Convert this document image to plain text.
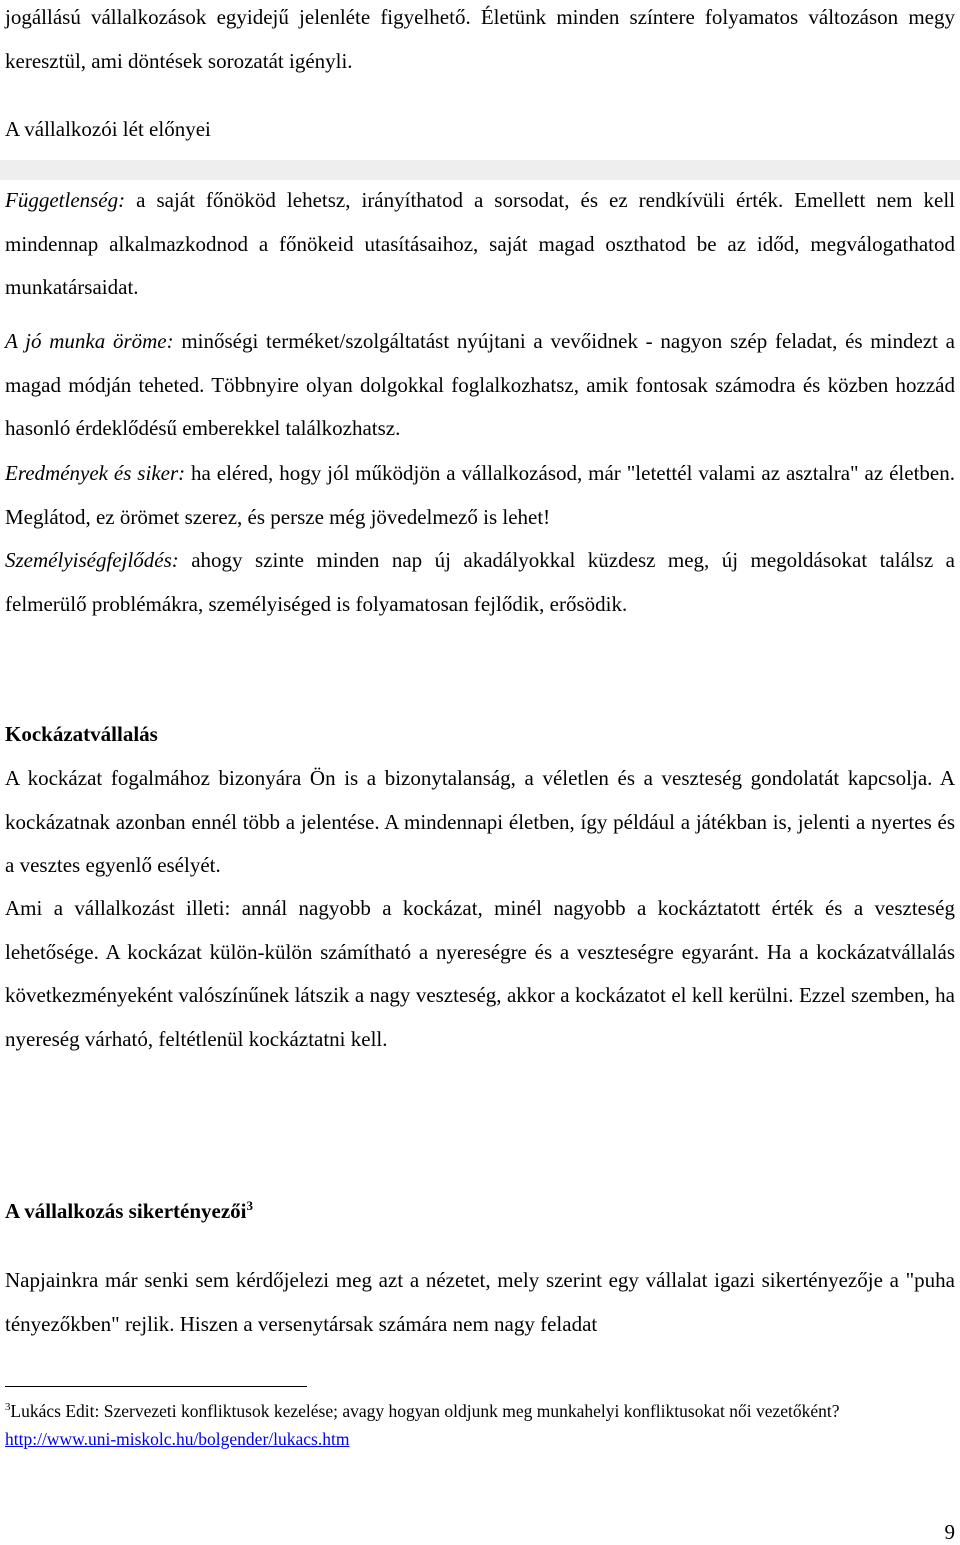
jogállású vállalkozások egyidejű jelenléte figyelhető. Életünk minden színtere folyamatos változáson megy keresztül, ami döntések sorozatát igényli.

A vállalkozói lét előnyei

Függetlenség: a saját főnököd lehetsz, irányíthatod a sorsodat, és ez rendkívüli érték. Emellett nem kell mindennap alkalmazkodnod a főnökeid utasításaihoz, saját magad oszthatod be az időd, megválogathatod munkatársaidat.

A jó munka öröme: minőségi terméket/szolgáltatást nyújtani a vevőidnek - nagyon szép feladat, és mindezt a magad módján teheted. Többnyire olyan dolgokkal foglalkozhatsz, amik fontosak számodra és közben hozzád hasonló érdeklődésű emberekkel találkozhatsz.

Eredmények és siker: ha eléred, hogy jól működjön a vállalkozásod, már "letettél valami az asztalra" az életben. Meglátod, ez örömet szerez, és persze még jövedelmező is lehet!

Személyiségfejlődés: ahogy szinte minden nap új akadályokkal küzdesz meg, új megoldásokat találsz a felmerülő problémákra, személyiséged is folyamatosan fejlődik, erősödik.

Kockázatvállalás

A kockázat fogalmához bizonyára Ön is a bizonytalanság, a véletlen és a veszteség gondolatát kapcsolja. A kockázatnak azonban ennél több a jelentése. A mindennapi életben, így például a játékban is, jelenti a nyertes és a vesztes egyenlő esélyét.

Ami a vállalkozást illeti: annál nagyobb a kockázat, minél nagyobb a kockáztatott érték és a veszteség lehetősége. A kockázat külön-külön számítható a nyereségre és a veszteségre egyaránt. Ha a kockázatvállalás következményeként valószínűnek látszik a nagy veszteség, akkor a kockázatot el kell kerülni. Ezzel szemben, ha nyereség várható, feltétlenül kockáztatni kell.

A vállalkozás sikertényezői$^3$

Napjainkra már senki sem kérdőjelezi meg azt a nézetet, mely szerint egy vállalat igazi sikertényezője a "puha tényezőkben" rejlik. Hiszen a versenytársak számára nem nagy feladat

$^3$Lukács Edit: Szervezeti konfliktusok kezelése; avagy hogyan oldjunk meg munkahelyi konfliktusokat női vezetőként? http://www.uni-miskolc.hu/bolgender/lukacs.htm

9
